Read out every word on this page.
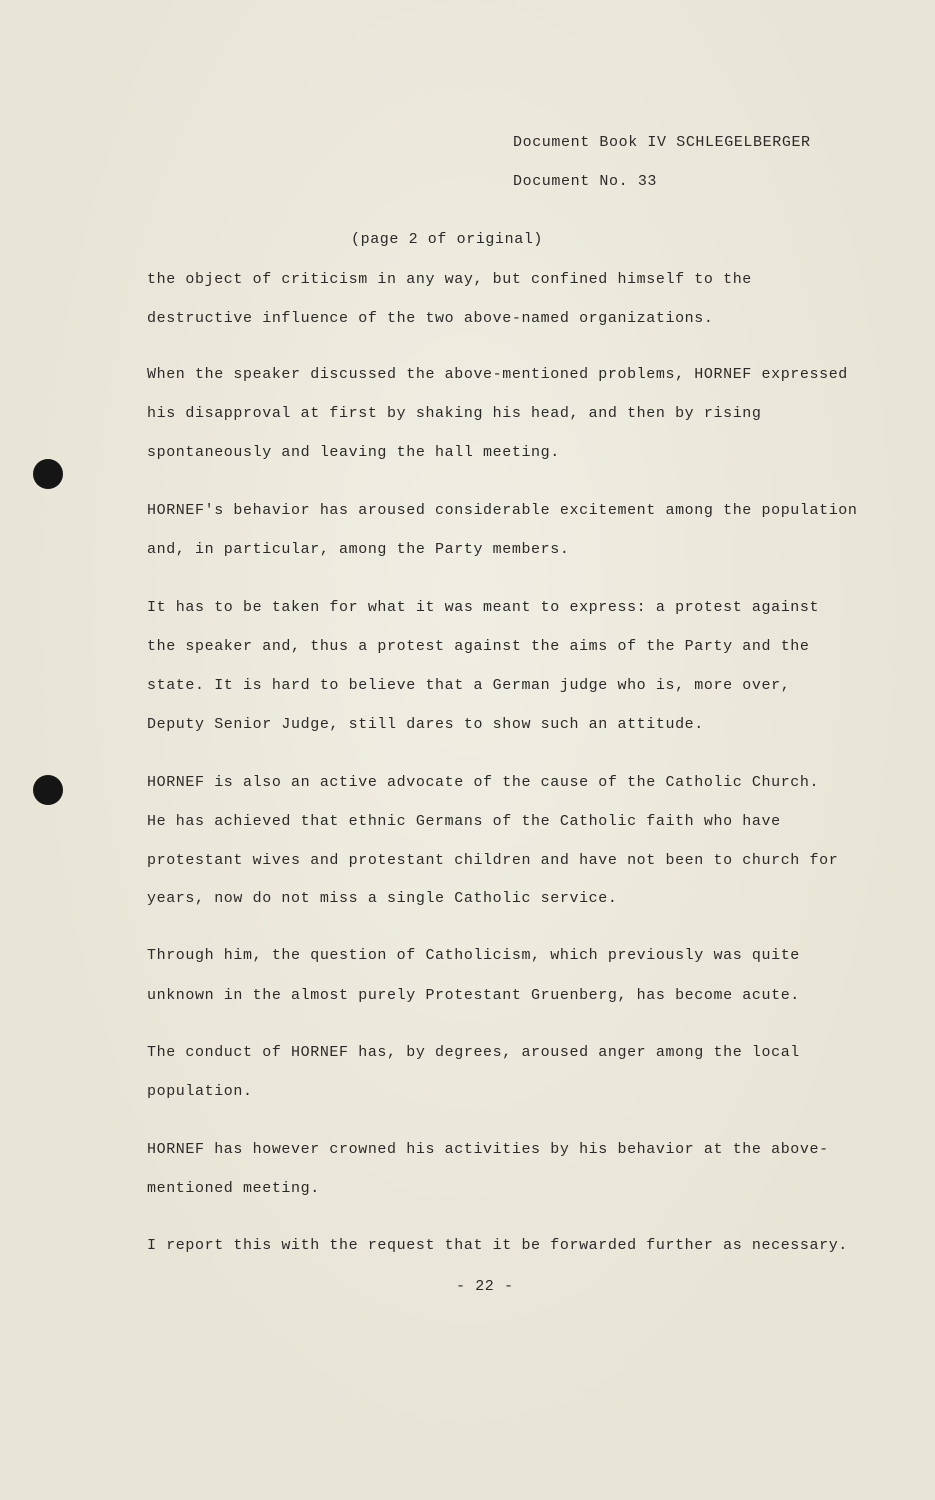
Document Book IV SCHLEGELBERGER
Document No. 33
(page 2 of original)
the object of criticism in any way, but confined himself to the
destructive influence of the two above-named organizations.
When the speaker discussed the above-mentioned problems, HORNEF expressed
his disapproval at first by shaking his head, and then by rising
spontaneously and leaving the hall meeting.
HORNEF's behavior has aroused considerable excitement among the population
and, in particular, among the Party members.
It has to be taken for what it was meant to express: a protest against
the speaker and, thus a protest against the aims of the Party and the
state. It is hard to believe that a German judge who is, more over,
Deputy Senior Judge, still dares to show such an attitude.
HORNEF is also an active advocate of the cause of the Catholic Church.
He has achieved that ethnic Germans of the Catholic faith who have
protestant wives and protestant children and have not been to church for
years, now do not miss a single Catholic service.
Through him, the question of Catholicism, which previously was quite
unknown in the almost purely Protestant Gruenberg, has become acute.
The conduct of HORNEF has, by degrees, aroused anger among the local
population.
HORNEF has however crowned his activities by his behavior at the above-
mentioned meeting.
I report this with the request that it be forwarded further as necessary.
- 22 -
